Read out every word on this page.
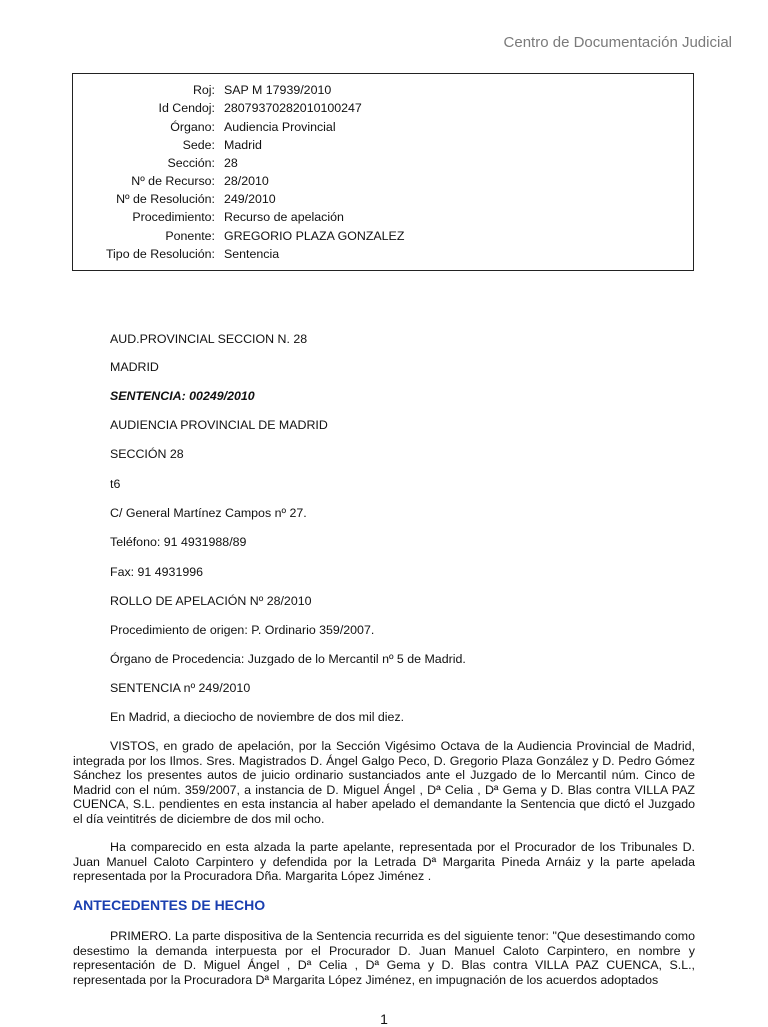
Centro de Documentación Judicial
Roj: SAP M 17939/2010
Id Cendoj: 28079370282010100247
Órgano: Audiencia Provincial
Sede: Madrid
Sección: 28
Nº de Recurso: 28/2010
Nº de Resolución: 249/2010
Procedimiento: Recurso de apelación
Ponente: GREGORIO PLAZA GONZALEZ
Tipo de Resolución: Sentencia
AUD.PROVINCIAL SECCION N. 28
MADRID
SENTENCIA: 00249/2010
AUDIENCIA PROVINCIAL DE MADRID
SECCIÓN 28
t6
C/ General Martínez Campos nº 27.
Teléfono: 91 4931988/89
Fax: 91 4931996
ROLLO DE APELACIÓN Nº 28/2010
Procedimiento de origen: P. Ordinario 359/2007.
Órgano de Procedencia: Juzgado de lo Mercantil nº 5 de Madrid.
SENTENCIA nº 249/2010
En Madrid, a dieciocho de noviembre de dos mil diez.
VISTOS, en grado de apelación, por la Sección Vigésimo Octava de la Audiencia Provincial de Madrid, integrada por los Ilmos. Sres. Magistrados D. Ángel Galgo Peco, D. Gregorio Plaza González y D. Pedro Gómez Sánchez los presentes autos de juicio ordinario sustanciados ante el Juzgado de lo Mercantil núm. Cinco de Madrid con el núm. 359/2007, a instancia de D. Miguel Ángel , Dª Celia , Dª Gema y D. Blas contra VILLA PAZ CUENCA, S.L. pendientes en esta instancia al haber apelado el demandante la Sentencia que dictó el Juzgado el día veintitrés de diciembre de dos mil ocho.
Ha comparecido en esta alzada la parte apelante, representada por el Procurador de los Tribunales D. Juan Manuel Caloto Carpintero y defendida por la Letrada Dª Margarita Pineda Arnáiz y la parte apelada representada por la Procuradora Dña. Margarita López Jiménez .
ANTECEDENTES DE HECHO
PRIMERO. La parte dispositiva de la Sentencia recurrida es del siguiente tenor: "Que desestimando como desestimo la demanda interpuesta por el Procurador D. Juan Manuel Caloto Carpintero, en nombre y representación de D. Miguel Ángel , Dª Celia , Dª Gema y D. Blas contra VILLA PAZ CUENCA, S.L., representada por la Procuradora Dª Margarita López Jiménez, en impugnación de los acuerdos adoptados
1
